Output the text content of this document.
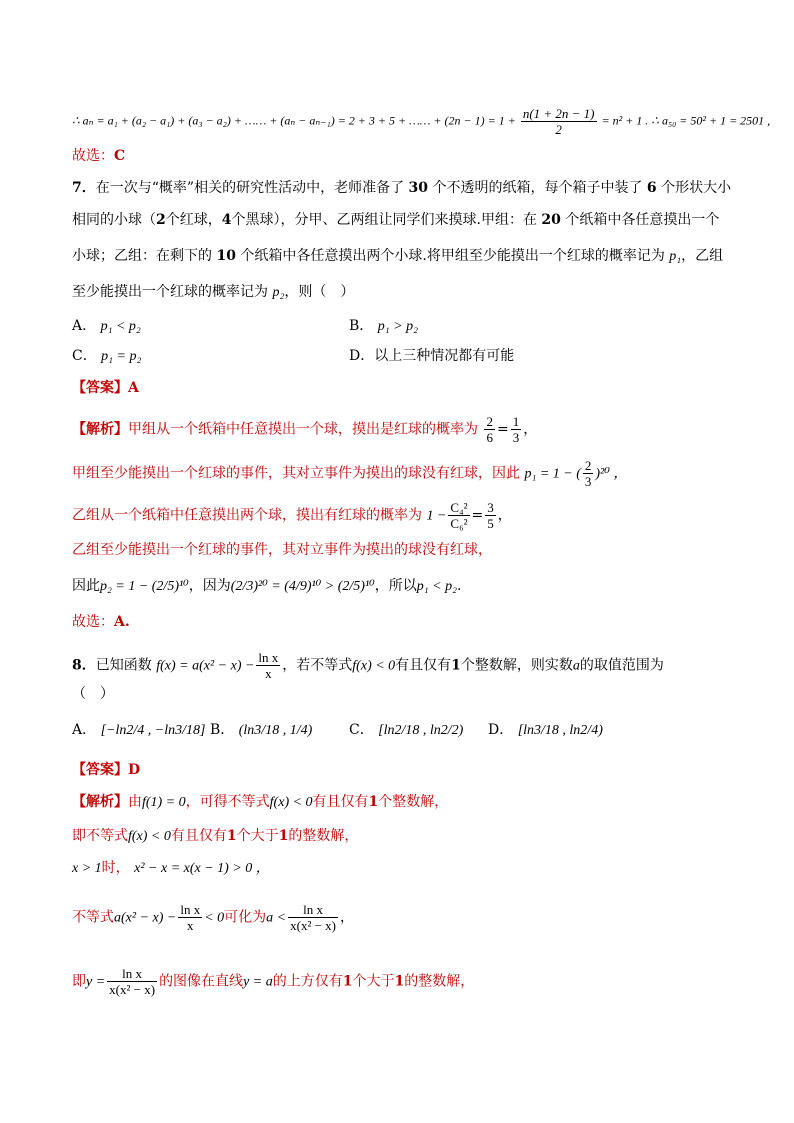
∴ aₙ = a₁ + (a₂ − a₁) + (a₃ − a₂) + …… + (aₙ − aₙ₋₁) = 2 + 3 + 5 + …… + $(2n - 1) = 1 + \frac{n(1 + 2n - 1)}{2} = n^2 + 1$ . ∴ a₅₀ = 50² + 1 = 2501 ,
故选：C
7．在一次与“概率”相关的研究性活动中，老师准备了 30 个不透明的纸箱，每个箱子中装了 6 个形状大小
相同的小球（2个红球，4个黑球），分甲、乙两组让同学们来摸球.甲组：在 20 个纸箱中各任意摸出一个
小球；乙组：在剩下的 10 个纸箱中各任意摸出两个小球.将甲组至少能摸出一个红球的概率记为 p₁，乙组
至少能摸出一个红球的概率记为 p₂，则（　）
A． p₁ < p₂	B． p₁ > p₂
C． p₁ = p₂	D．以上三种情况都有可能
【答案】A
【解析】甲组从一个纸箱中任意摸出一个球，摸出是红球的概率为 $\frac{2}{6} = \frac{1}{3}$ ，
甲组至少能摸出一个红球的事件，其对立事件为摸出的球没有红球，因此 p₁ = 1 − ( $\frac{2}{3} )^{20}$ ，
乙组从一个纸箱中任意摸出两个球，摸出有红球的概率为 $1 - \frac{\text{C₄²}}{\text{C₆²}} = \frac{3}{5}$ ，
乙组至少能摸出一个红球的事件，其对立事件为摸出的球没有红球，
因此p₂ = 1 − (2/5)¹⁰，因为(2/3)²⁰ = (4/9)¹⁰ > (2/5)¹⁰，所以p₁ < p₂.
故选：A.
8．已知函数 $f(x) = a(x^2 - x) - \frac{\text{ln x}}{x}$ ，若不等式f(x) < 0有且仅有1个整数解，则实数a的取值范围为
（　）
A． [−ln2/4 , −ln3/18] B． (ln3/18 , 1/4)	C． [ln2/18 , ln2/2) D． [ln3/18 , ln2/4)
【答案】D
【解析】由f(1) = 0，可得不等式f(x) < 0有且仅有1个整数解，
即不等式f(x) < 0有且仅有1个大于1的整数解，
x > 1时， x² − x = x(x − 1) > 0 ，
不等式$a(x^2 - x) - \frac{\text{ln x}}{x} < 0$可化为$a < \frac{\text{ln x}}{\text{x(x² − x)}}$ ，
即$y = \frac{\text{ln x}}{\text{x(x² − x)}}$ 的图像在直线y = a的上方仅有1个大于1的整数解，
